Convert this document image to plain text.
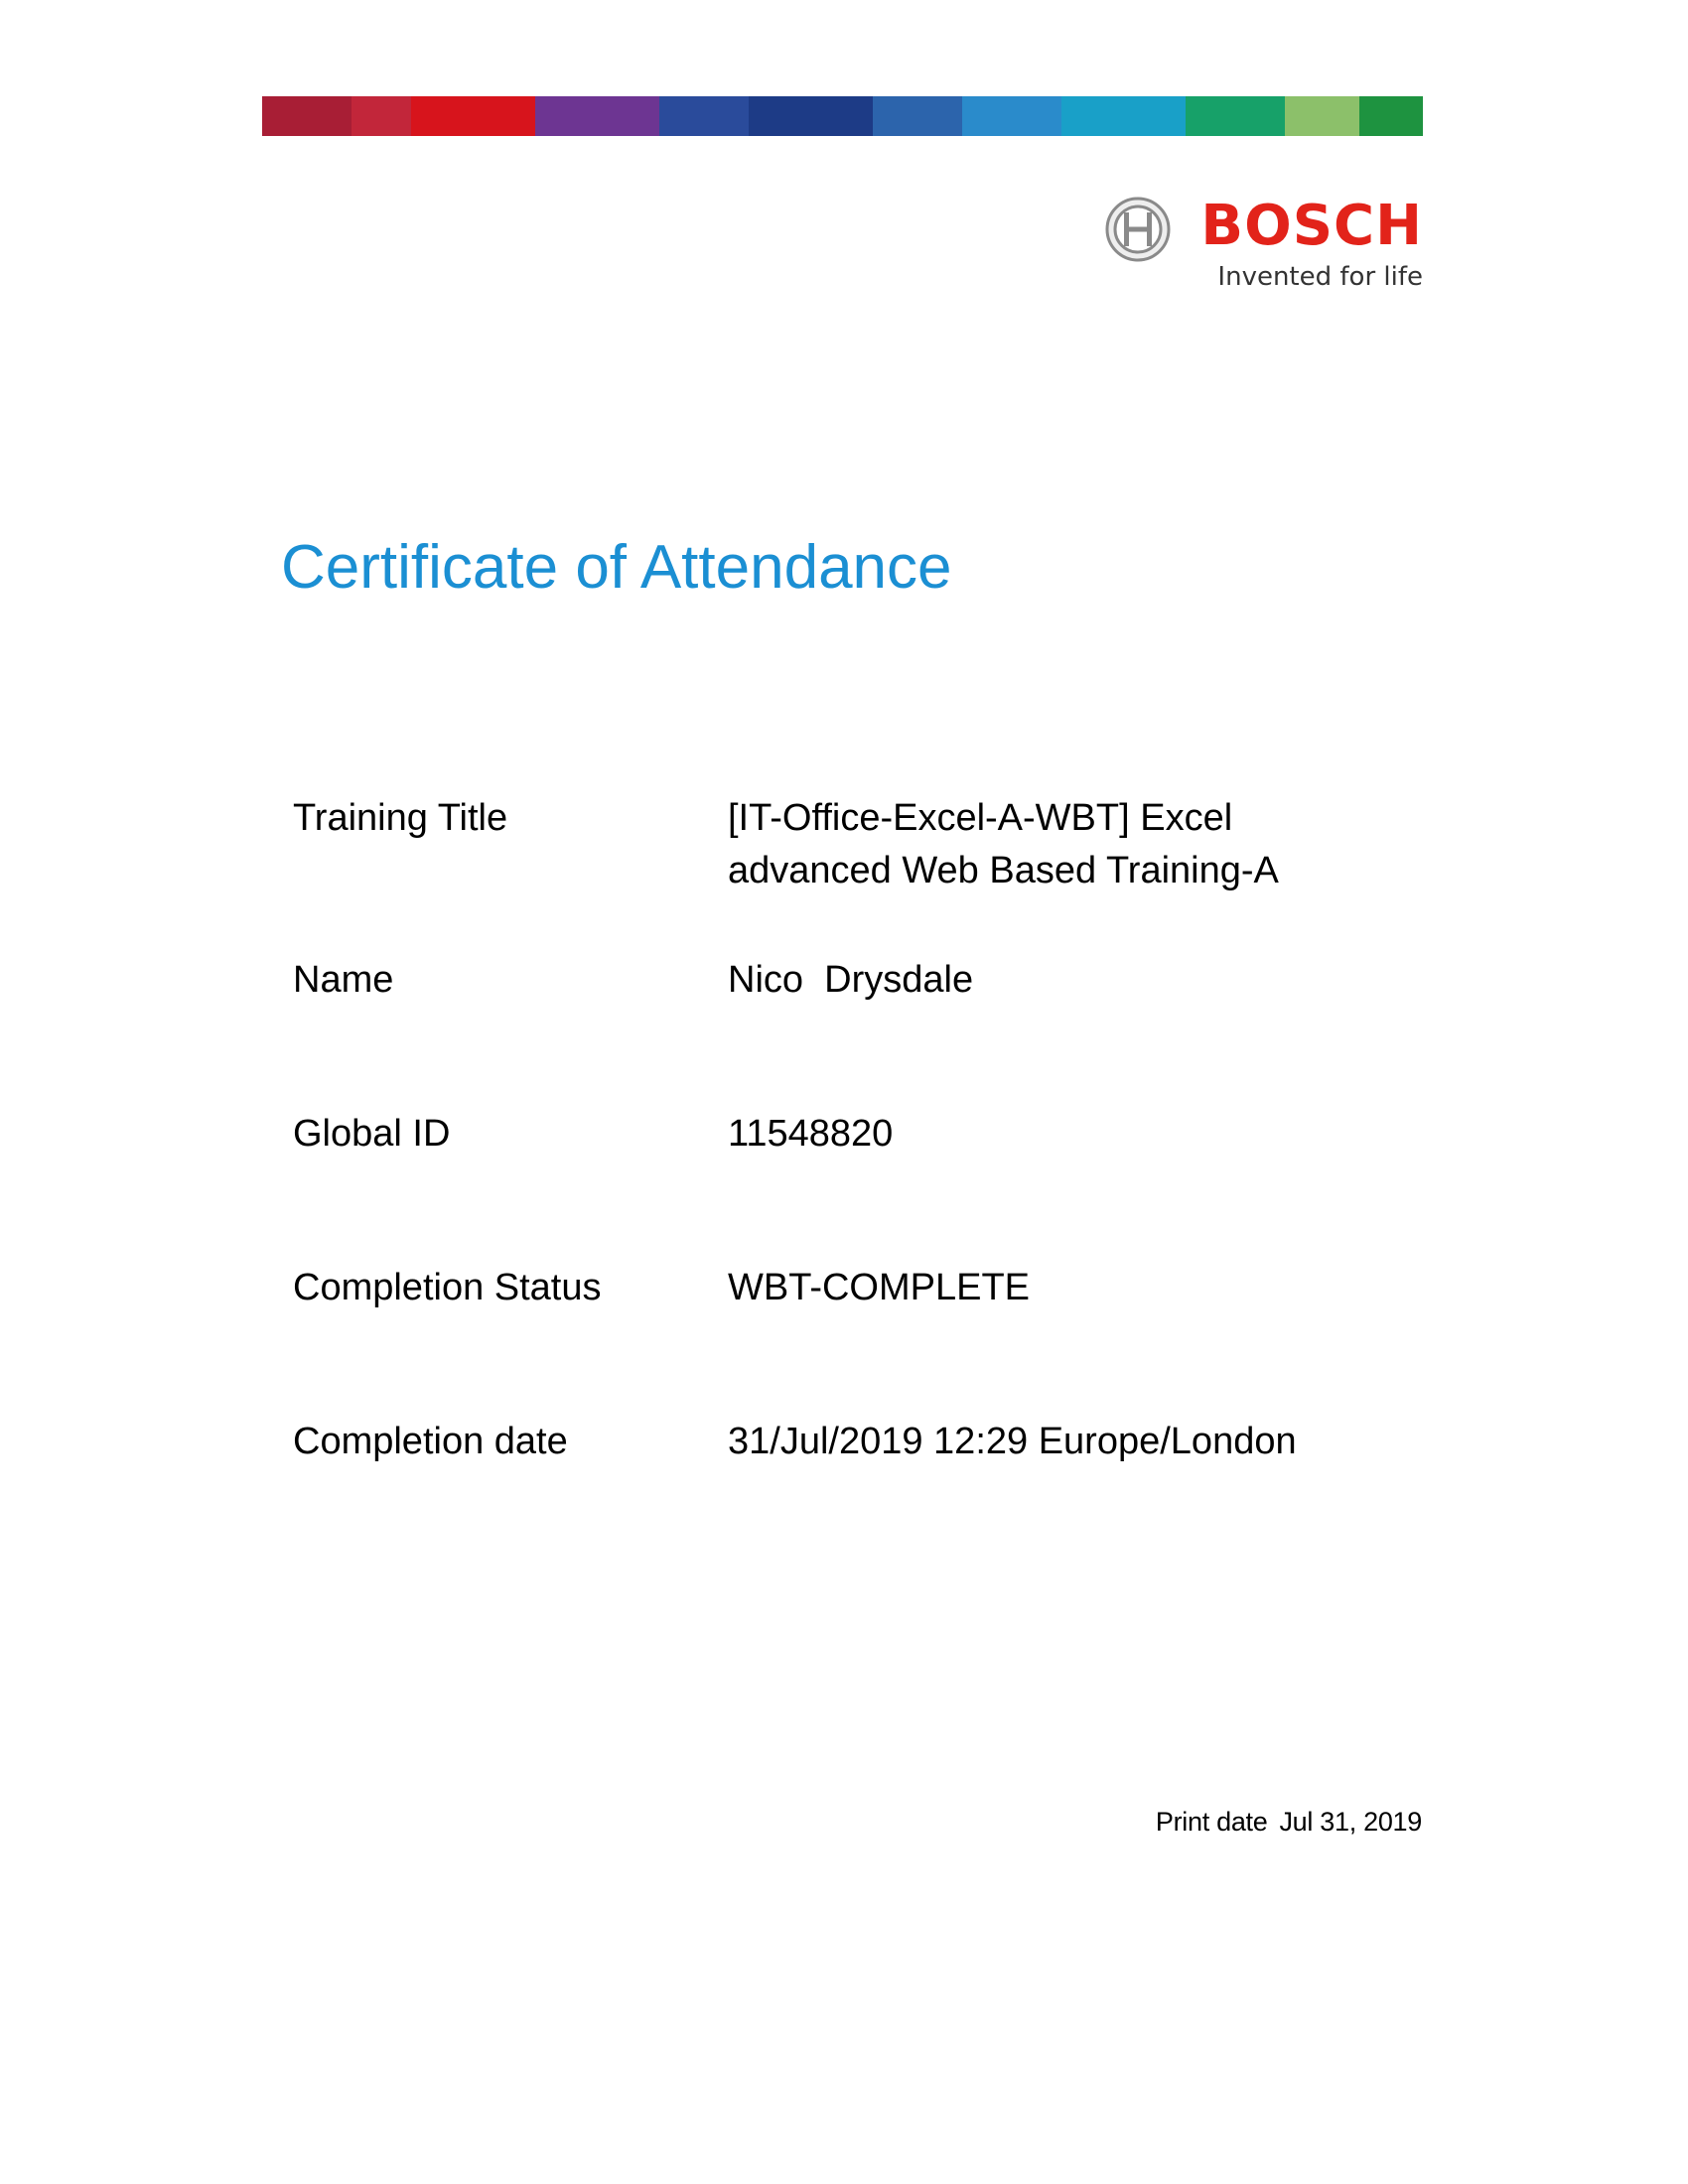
BOSCH
Invented for life
Certificate of Attendance
Training Title	[IT-Office-Excel-A-WBT] Excel advanced Web Based Training-A
Name	Nico  Drysdale
Global ID	11548820
Completion Status	WBT-COMPLETE
Completion date	31/Jul/2019 12:29 Europe/London
Print date Jul 31, 2019
